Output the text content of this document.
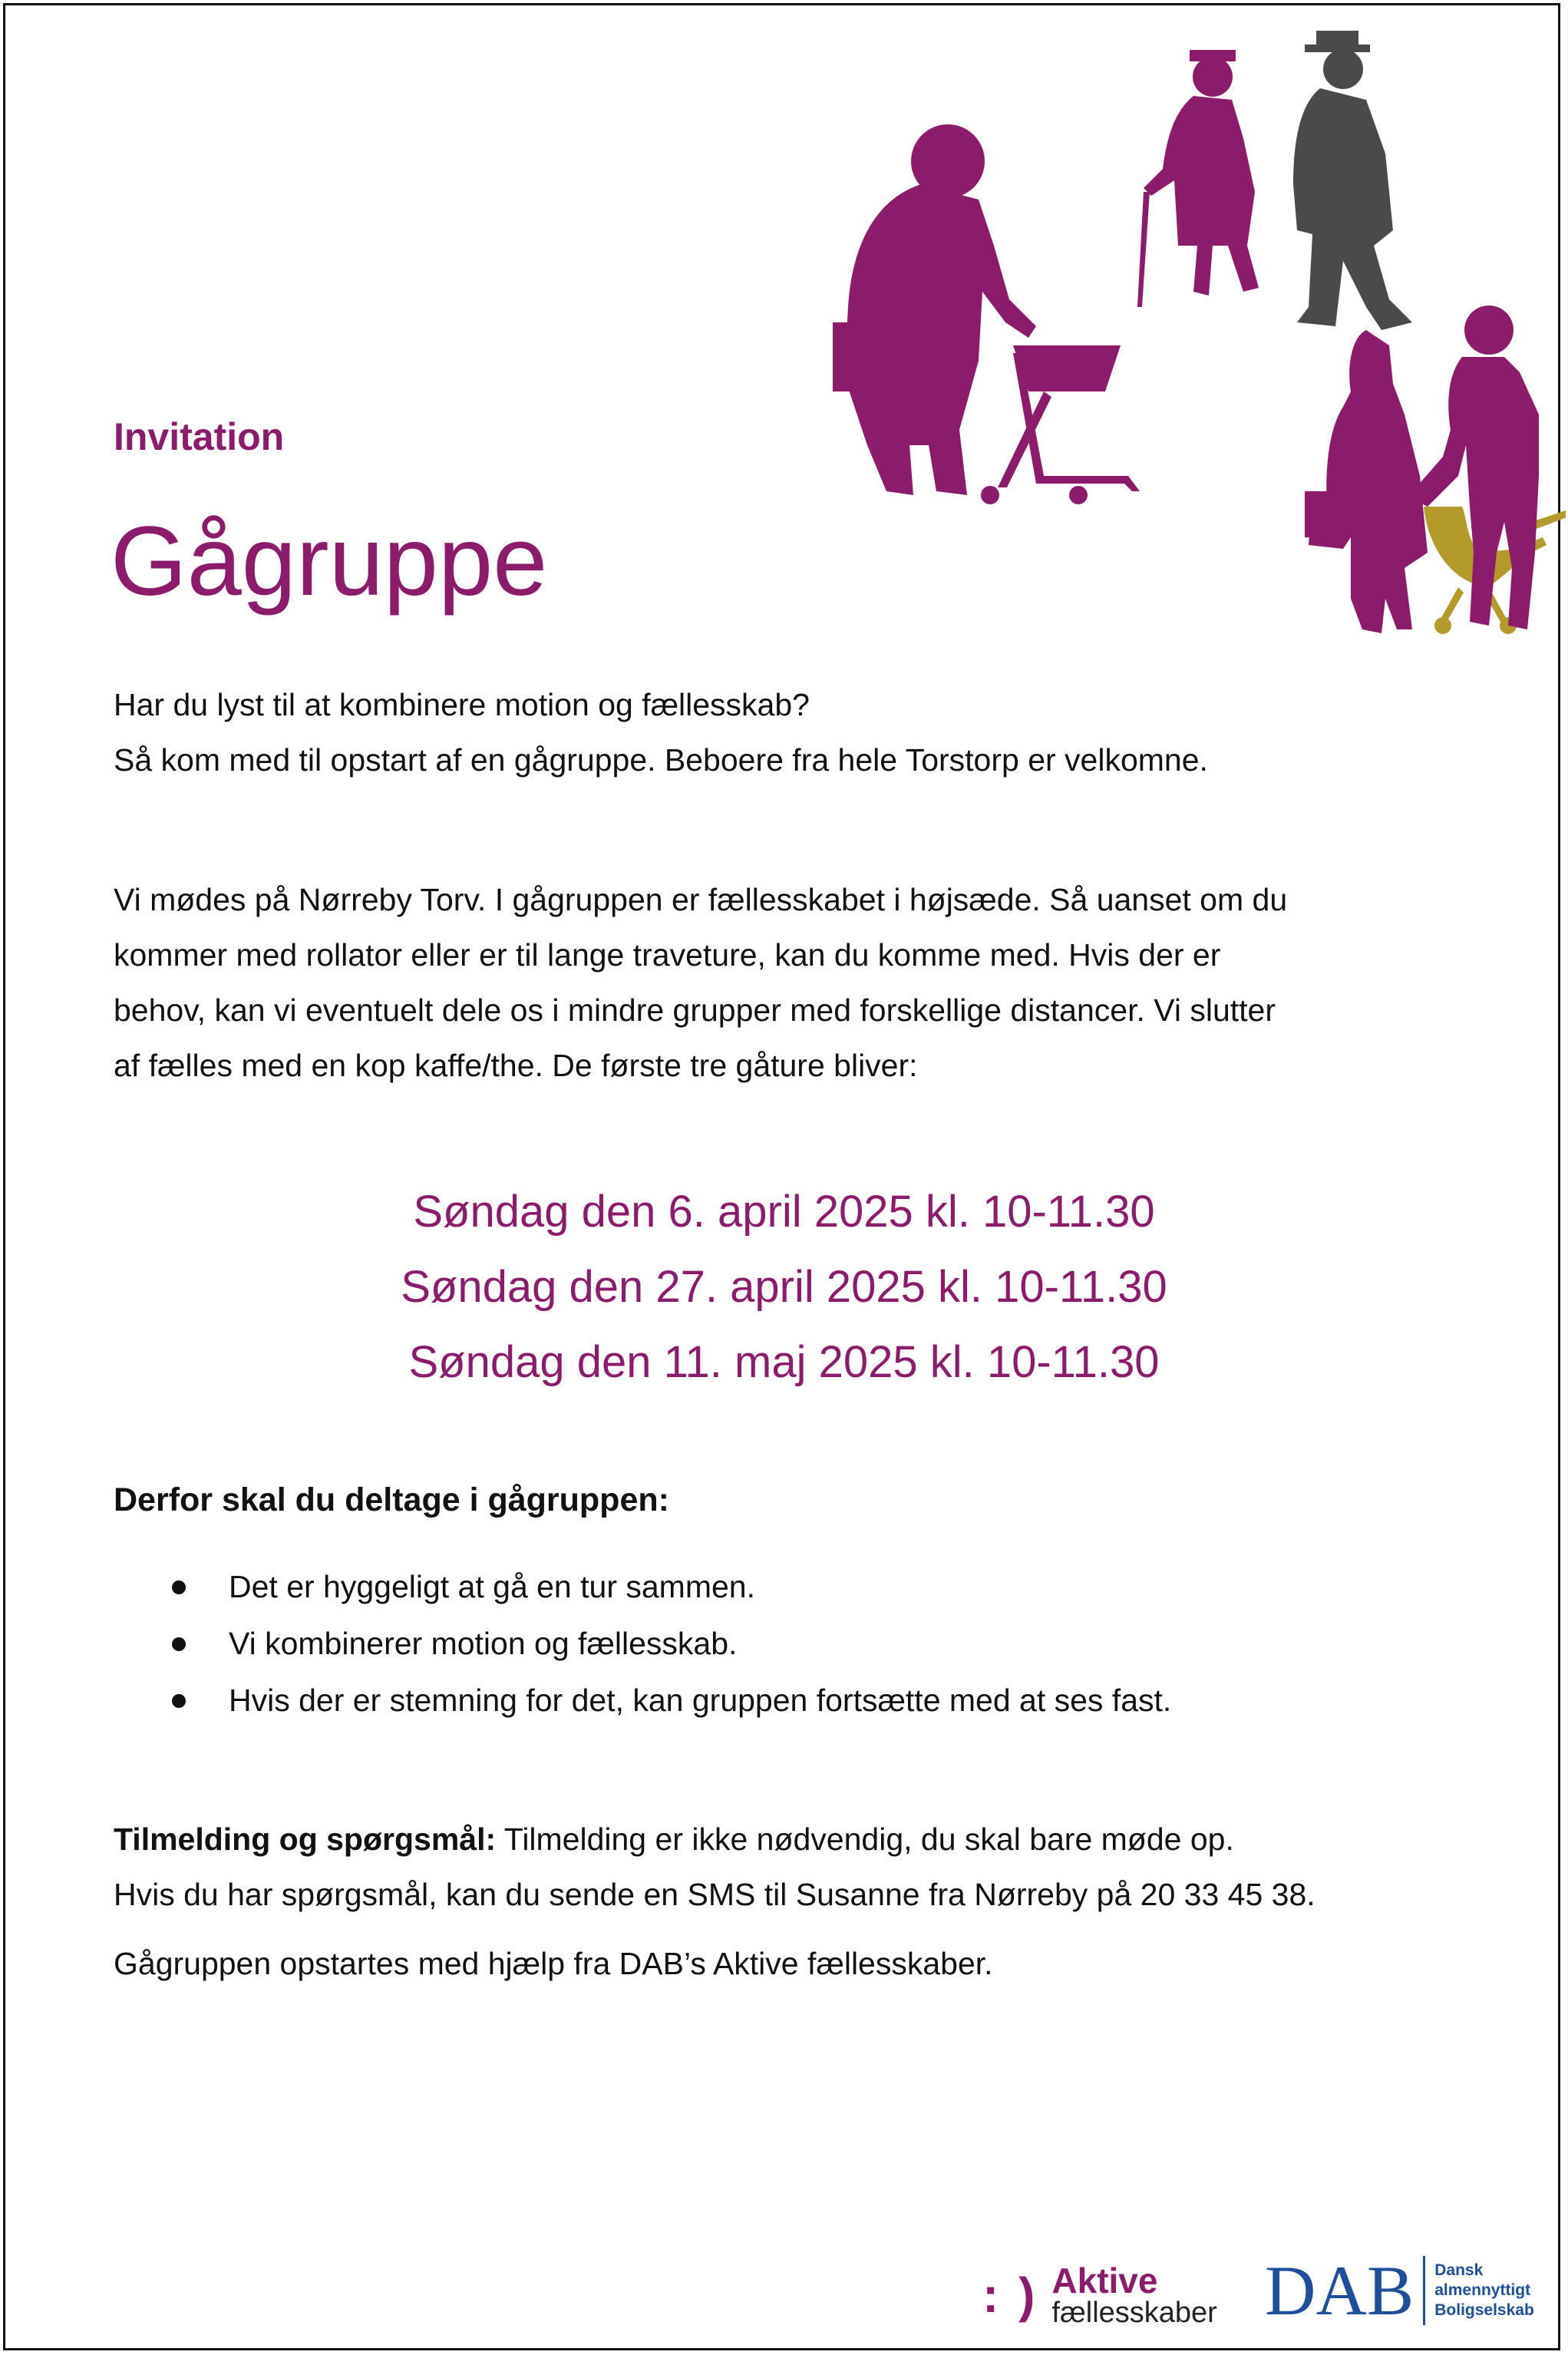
Invitation
Gågruppe
Har du lyst til at kombinere motion og fællesskab?
Så kom med til opstart af en gågruppe. Beboere fra hele Torstorp er velkomne.
Vi mødes på Nørreby Torv. I gågruppen er fællesskabet i højsæde. Så uanset om du
kommer med rollator eller er til lange traveture, kan du komme med. Hvis der er
behov, kan vi eventuelt dele os i mindre grupper med forskellige distancer. Vi slutter
af fælles med en kop kaffe/the. De første tre gåture bliver:
Søndag den 6. april 2025 kl. 10-11.30
Søndag den 27. april 2025 kl. 10-11.30
Søndag den 11. maj 2025 kl. 10-11.30
Derfor skal du deltage i gågruppen:
Det er hyggeligt at gå en tur sammen.
Vi kombinerer motion og fællesskab.
Hvis der er stemning for det, kan gruppen fortsætte med at ses fast.
Tilmelding og spørgsmål: Tilmelding er ikke nødvendig, du skal bare møde op.
Hvis du har spørgsmål, kan du sende en SMS til Susanne fra Nørreby på 20 33 45 38.
Gågruppen opstartes med hjælp fra DAB’s Aktive fællesskaber.
: ) Aktive
fællesskaber DAB Dansk
almennyttigt
Boligselskab
